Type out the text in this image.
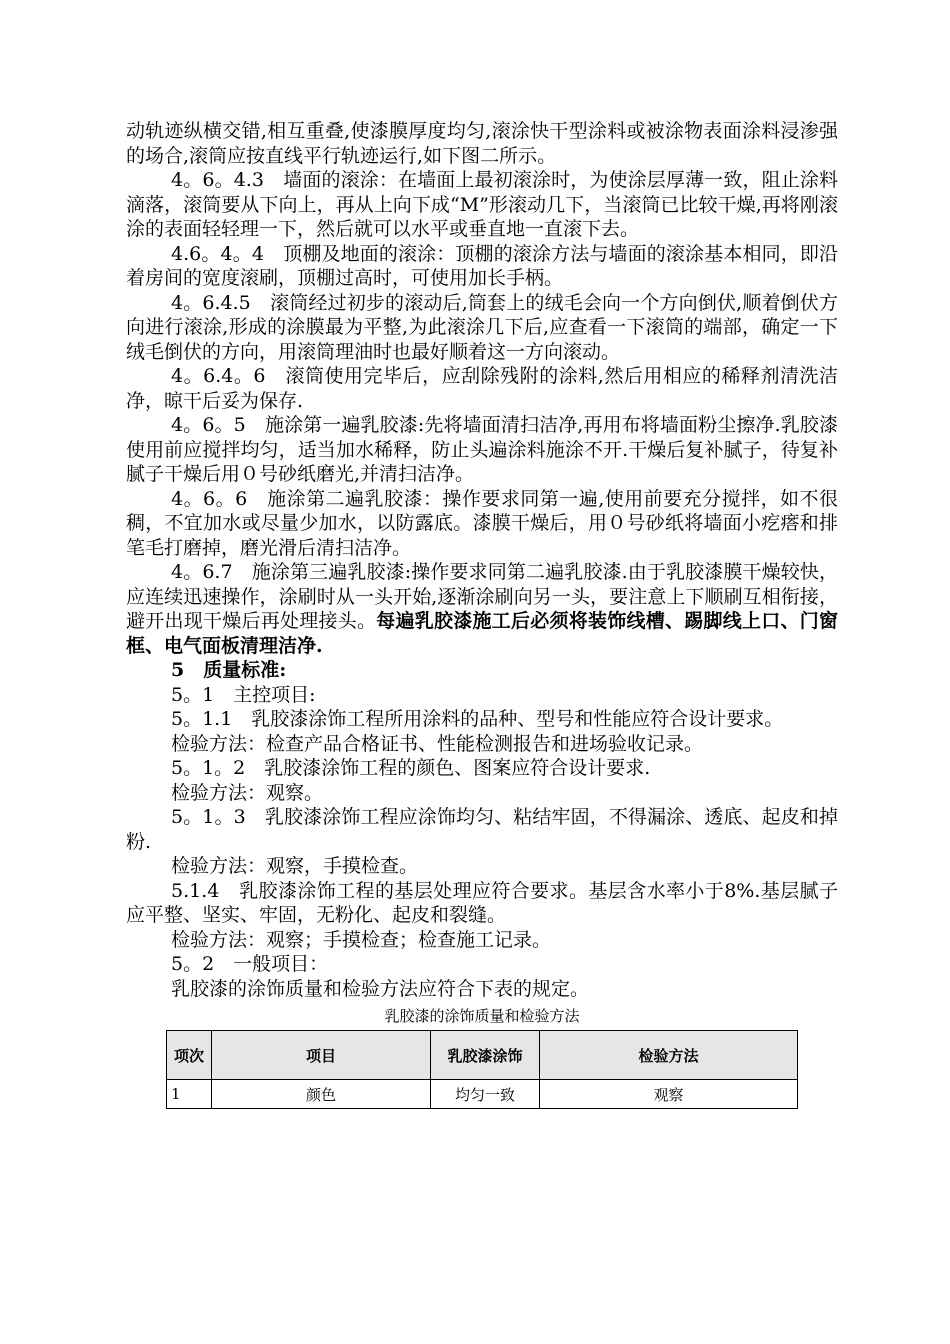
动轨迹纵横交错,相互重叠,使漆膜厚度均匀,滚涂快干型涂料或被涂物表面涂料浸渗强的场合,滚筒应按直线平行轨迹运行,如下图二所示。

4。6。4.3　墙面的滚涂：在墙面上最初滚涂时，为使涂层厚薄一致，阻止涂料滴落，滚筒要从下向上，再从上向下成“M”形滚动几下，当滚筒已比较干燥,再将刚滚涂的表面轻轻理一下，然后就可以水平或垂直地一直滚下去。

4.6。4。4　顶棚及地面的滚涂：顶棚的滚涂方法与墙面的滚涂基本相同，即沿着房间的宽度滚刷，顶棚过高时，可使用加长手柄。

4。6.4.5　滚筒经过初步的滚动后,筒套上的绒毛会向一个方向倒伏,顺着倒伏方向进行滚涂,形成的涂膜最为平整,为此滚涂几下后,应查看一下滚筒的端部，确定一下绒毛倒伏的方向，用滚筒理油时也最好顺着这一方向滚动。

4。6.4。6　滚筒使用完毕后，应刮除残附的涂料,然后用相应的稀释剂清洗洁净，晾干后妥为保存.

4。6。5　施涂第一遍乳胶漆:先将墙面清扫洁净,再用布将墙面粉尘擦净.乳胶漆使用前应搅拌均匀，适当加水稀释，防止头遍涂料施涂不开.干燥后复补腻子，待复补腻子干燥后用０号砂纸磨光,并清扫洁净。

4。6。6　施涂第二遍乳胶漆：操作要求同第一遍,使用前要充分搅拌，如不很稠，不宜加水或尽量少加水，以防露底。漆膜干燥后，用０号砂纸将墙面小疙瘩和排笔毛打磨掉，磨光滑后清扫洁净。

4。6.7　施涂第三遍乳胶漆:操作要求同第二遍乳胶漆.由于乳胶漆膜干燥较快，应连续迅速操作，涂刷时从一头开始,逐渐涂刷向另一头，要注意上下顺刷互相衔接，避开出现干燥后再处理接头。每遍乳胶漆施工后必须将装饰线槽、踢脚线上口、门窗框、电气面板清理洁净.

5　质量标准:

5。1　主控项目:

5。1.1　乳胶漆涂饰工程所用涂料的品种、型号和性能应符合设计要求。

检验方法：检查产品合格证书、性能检测报告和进场验收记录。

5。1。2　乳胶漆涂饰工程的颜色、图案应符合设计要求.

检验方法：观察。

5。1。3　乳胶漆涂饰工程应涂饰均匀、粘结牢固，不得漏涂、透底、起皮和掉粉.

检验方法：观察，手摸检查。

5.1.4　乳胶漆涂饰工程的基层处理应符合要求。基层含水率小于8%.基层腻子应平整、坚实、牢固，无粉化、起皮和裂缝。

检验方法：观察；手摸检查；检查施工记录。

5。2　一般项目：

乳胶漆的涂饰质量和检验方法应符合下表的规定。

乳胶漆的涂饰质量和检验方法
项次	项目	乳胶漆涂饰	检验方法
1	颜色	均匀一致	观察
